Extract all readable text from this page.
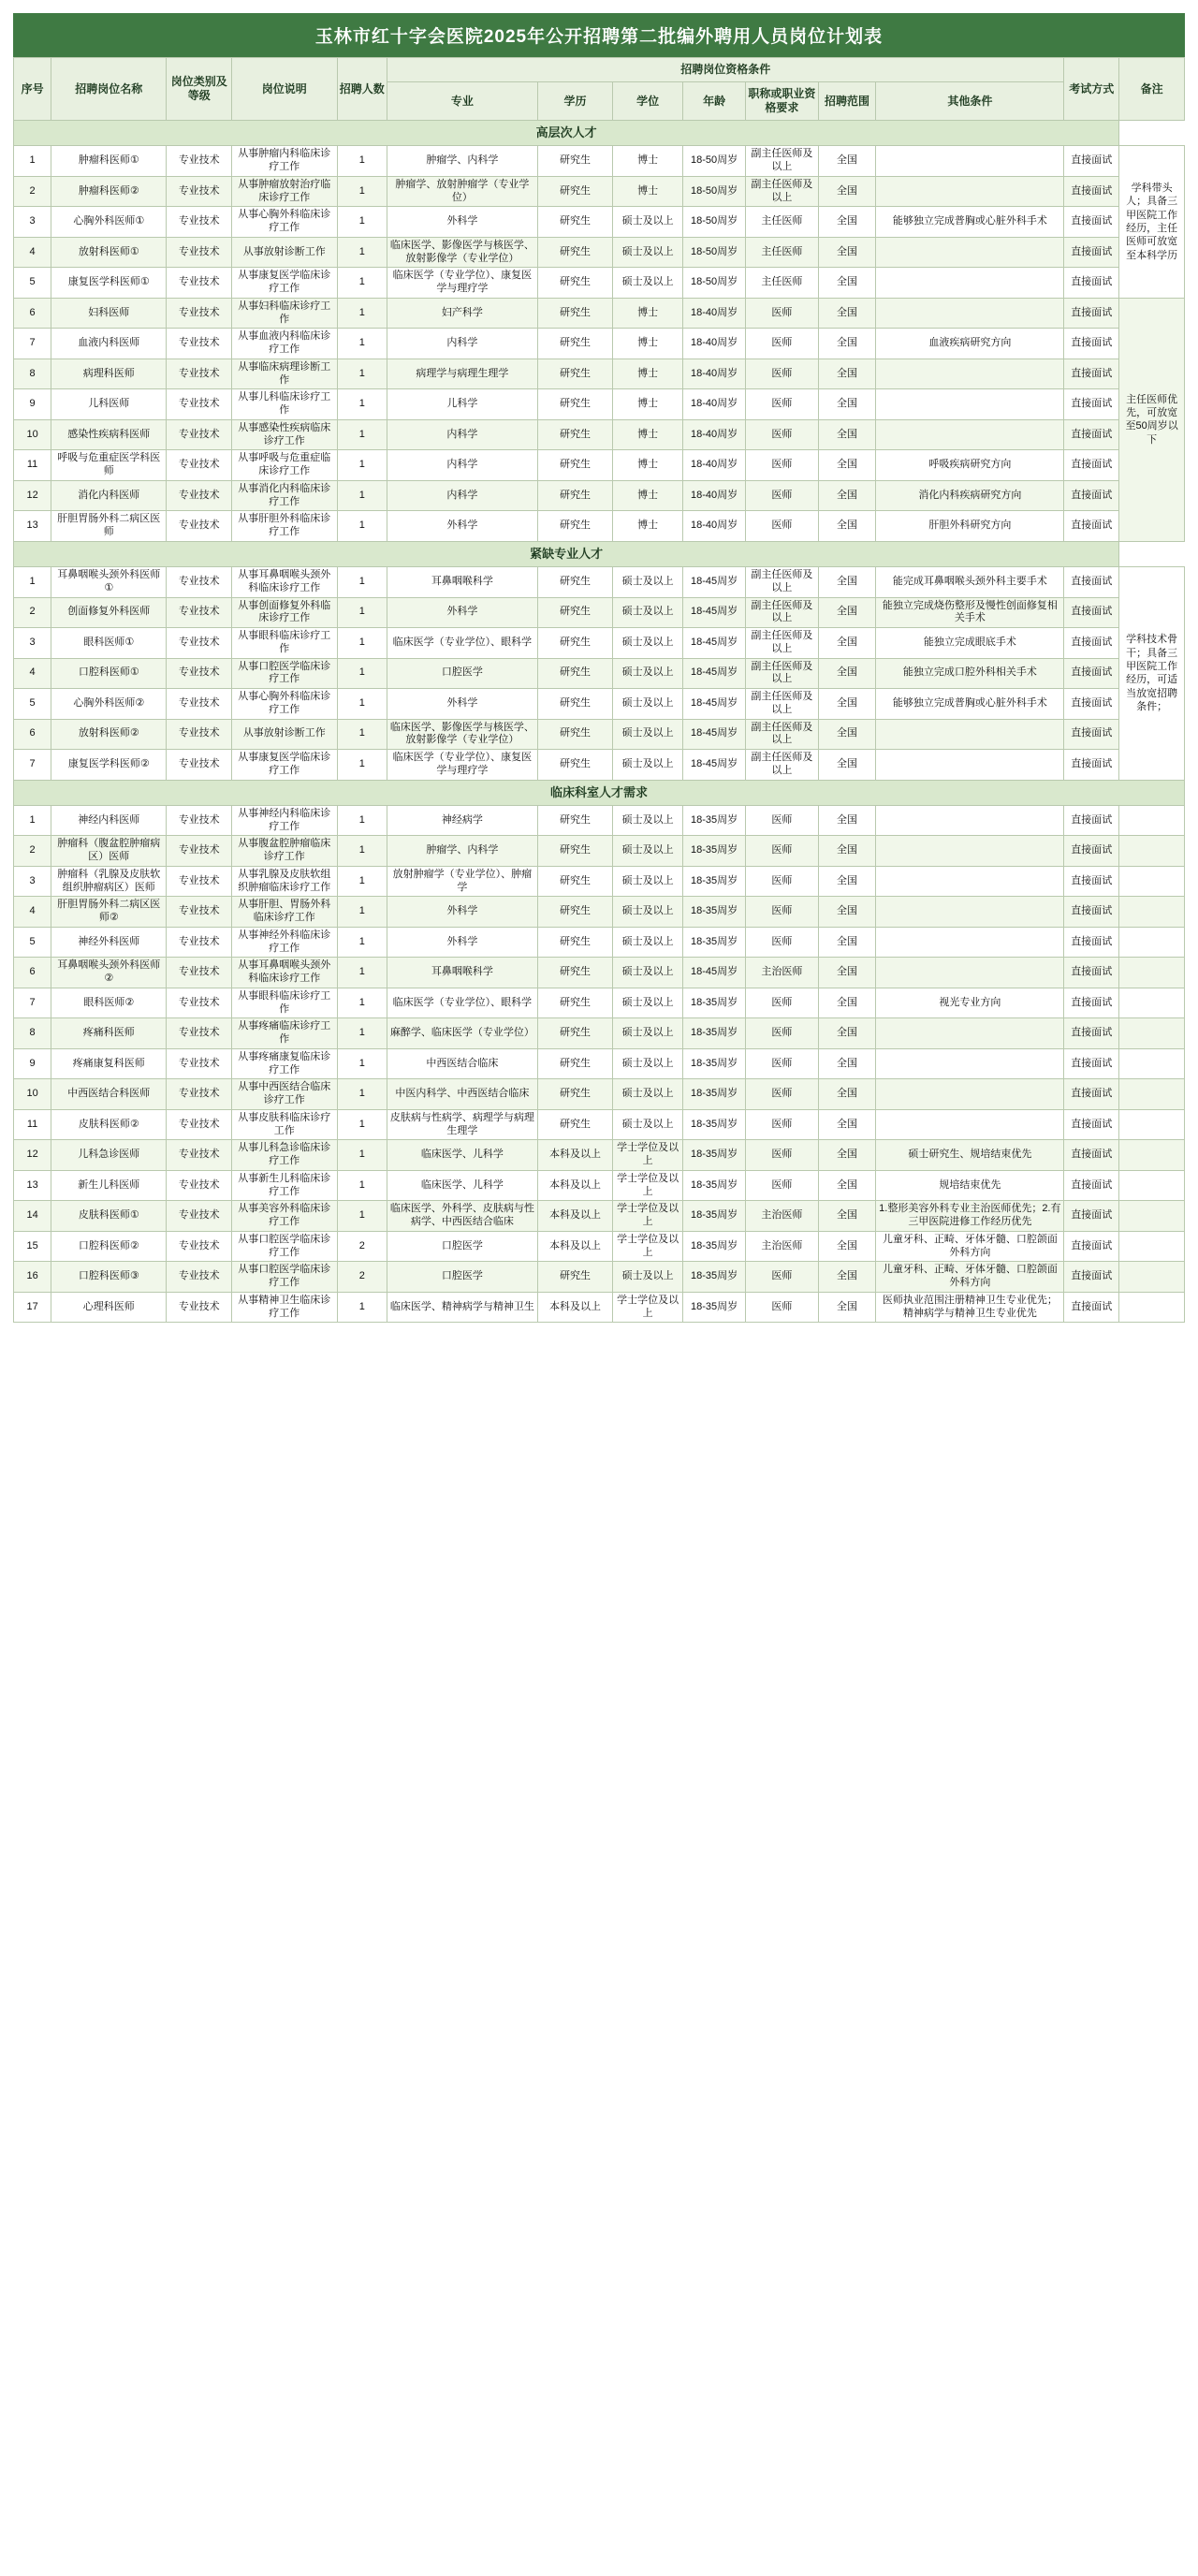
玉林市红十字会医院2025年公开招聘第二批编外聘用人员岗位计划表
序号	招聘岗位名称	岗位类别及等级	岗位说明	招聘人数	招聘岗位资格条件							考试方式	备注
					专业	学历	学位	年龄	职称或职业资格要求	招聘范围	其他条件		
高层次人才													
1	肿瘤科医师①	专业技术	从事肿瘤内科临床诊疗工作	1	肿瘤学、内科学	研究生	博士	18-50周岁	副主任医师及以上	全国		直接面试	学科带头人；具备三甲医院工作经历，主任医师可放宽至本科学历
2	肿瘤科医师②	专业技术	从事肿瘤放射治疗临床诊疗工作	1	肿瘤学、放射肿瘤学（专业学位）	研究生	博士	18-50周岁	副主任医师及以上	全国		直接面试	
3	心胸外科医师①	专业技术	从事心胸外科临床诊疗工作	1	外科学	研究生	硕士及以上	18-50周岁	主任医师	全国	能够独立完成普胸或心脏外科手术	直接面试	
4	放射科医师①	专业技术	从事放射诊断工作	1	临床医学、影像医学与核医学、放射影像学（专业学位）	研究生	硕士及以上	18-50周岁	主任医师	全国		直接面试	
5	康复医学科医师①	专业技术	从事康复医学临床诊疗工作	1	临床医学（专业学位）、康复医学与理疗学	研究生	硕士及以上	18-50周岁	主任医师	全国		直接面试	
6	妇科医师	专业技术	从事妇科临床诊疗工作	1	妇产科学	研究生	博士	18-40周岁	医师	全国		直接面试	主任医师优先，可放宽至50周岁以下
7	血液内科医师	专业技术	从事血液内科临床诊疗工作	1	内科学	研究生	博士	18-40周岁	医师	全国	血液疾病研究方向	直接面试	
8	病理科医师	专业技术	从事临床病理诊断工作	1	病理学与病理生理学	研究生	博士	18-40周岁	医师	全国		直接面试	
9	儿科医师	专业技术	从事儿科临床诊疗工作	1	儿科学	研究生	博士	18-40周岁	医师	全国		直接面试	
10	感染性疾病科医师	专业技术	从事感染性疾病临床诊疗工作	1	内科学	研究生	博士	18-40周岁	医师	全国		直接面试	
11	呼吸与危重症医学科医师	专业技术	从事呼吸与危重症临床诊疗工作	1	内科学	研究生	博士	18-40周岁	医师	全国	呼吸疾病研究方向	直接面试	
12	消化内科医师	专业技术	从事消化内科临床诊疗工作	1	内科学	研究生	博士	18-40周岁	医师	全国	消化内科疾病研究方向	直接面试	
13	肝胆胃肠外科二病区医师	专业技术	从事肝胆外科临床诊疗工作	1	外科学	研究生	博士	18-40周岁	医师	全国	肝胆外科研究方向	直接面试	
紧缺专业人才													
1	耳鼻咽喉头颈外科医师①	专业技术	从事耳鼻咽喉头颈外科临床诊疗工作	1	耳鼻咽喉科学	研究生	硕士及以上	18-45周岁	副主任医师及以上	全国	能完成耳鼻咽喉头颈外科主要手术	直接面试	学科技术骨干；具备三甲医院工作经历，可适当放宽招聘条件；
2	创面修复外科医师	专业技术	从事创面修复外科临床诊疗工作	1	外科学	研究生	硕士及以上	18-45周岁	副主任医师及以上	全国	能独立完成烧伤整形及慢性创面修复相关手术	直接面试	
3	眼科医师①	专业技术	从事眼科临床诊疗工作	1	临床医学（专业学位）、眼科学	研究生	硕士及以上	18-45周岁	副主任医师及以上	全国	能独立完成眼底手术	直接面试	
4	口腔科医师①	专业技术	从事口腔医学临床诊疗工作	1	口腔医学	研究生	硕士及以上	18-45周岁	副主任医师及以上	全国	能独立完成口腔外科相关手术	直接面试	
5	心胸外科医师②	专业技术	从事心胸外科临床诊疗工作	1	外科学	研究生	硕士及以上	18-45周岁	副主任医师及以上	全国	能够独立完成普胸或心脏外科手术	直接面试	
6	放射科医师②	专业技术	从事放射诊断工作	1	临床医学、影像医学与核医学、放射影像学（专业学位）	研究生	硕士及以上	18-45周岁	副主任医师及以上	全国		直接面试	
7	康复医学科医师②	专业技术	从事康复医学临床诊疗工作	1	临床医学（专业学位）、康复医学与理疗学	研究生	硕士及以上	18-45周岁	副主任医师及以上	全国		直接面试	
临床科室人才需求													
1	神经内科医师	专业技术	从事神经内科临床诊疗工作	1	神经病学	研究生	硕士及以上	18-35周岁	医师	全国		直接面试	
2	肿瘤科（腹盆腔肿瘤病区）医师	专业技术	从事腹盆腔肿瘤临床诊疗工作	1	肿瘤学、内科学	研究生	硕士及以上	18-35周岁	医师	全国		直接面试	
3	肿瘤科（乳腺及皮肤软组织肿瘤病区）医师	专业技术	从事乳腺及皮肤软组织肿瘤临床诊疗工作	1	放射肿瘤学（专业学位）、肿瘤学	研究生	硕士及以上	18-35周岁	医师	全国		直接面试	
4	肝胆胃肠外科二病区医师②	专业技术	从事肝胆、胃肠外科临床诊疗工作	1	外科学	研究生	硕士及以上	18-35周岁	医师	全国		直接面试	
5	神经外科医师	专业技术	从事神经外科临床诊疗工作	1	外科学	研究生	硕士及以上	18-35周岁	医师	全国		直接面试	
6	耳鼻咽喉头颈外科医师②	专业技术	从事耳鼻咽喉头颈外科临床诊疗工作	1	耳鼻咽喉科学	研究生	硕士及以上	18-45周岁	主治医师	全国		直接面试	
7	眼科医师②	专业技术	从事眼科临床诊疗工作	1	临床医学（专业学位）、眼科学	研究生	硕士及以上	18-35周岁	医师	全国	视光专业方向	直接面试	
8	疼痛科医师	专业技术	从事疼痛临床诊疗工作	1	麻醉学、临床医学（专业学位）	研究生	硕士及以上	18-35周岁	医师	全国		直接面试	
9	疼痛康复科医师	专业技术	从事疼痛康复临床诊疗工作	1	中西医结合临床	研究生	硕士及以上	18-35周岁	医师	全国		直接面试	
10	中西医结合科医师	专业技术	从事中西医结合临床诊疗工作	1	中医内科学、中西医结合临床	研究生	硕士及以上	18-35周岁	医师	全国		直接面试	
11	皮肤科医师②	专业技术	从事皮肤科临床诊疗工作	1	皮肤病与性病学、病理学与病理生理学	研究生	硕士及以上	18-35周岁	医师	全国		直接面试	
12	儿科急诊医师	专业技术	从事儿科急诊临床诊疗工作	1	临床医学、儿科学	本科及以上	学士学位及以上	18-35周岁	医师	全国	硕士研究生、规培结束优先	直接面试	
13	新生儿科医师	专业技术	从事新生儿科临床诊疗工作	1	临床医学、儿科学	本科及以上	学士学位及以上	18-35周岁	医师	全国	规培结束优先	直接面试	
14	皮肤科医师①	专业技术	从事美容外科临床诊疗工作	1	临床医学、外科学、皮肤病与性病学、中西医结合临床	本科及以上	学士学位及以上	18-35周岁	主治医师	全国	1.整形美容外科专业主治医师优先；2.有三甲医院进修工作经历优先	直接面试	
15	口腔科医师②	专业技术	从事口腔医学临床诊疗工作	2	口腔医学	本科及以上	学士学位及以上	18-35周岁	主治医师	全国	儿童牙科、正畸、牙体牙髓、口腔颌面外科方向	直接面试	
16	口腔科医师③	专业技术	从事口腔医学临床诊疗工作	2	口腔医学	研究生	硕士及以上	18-35周岁	医师	全国	儿童牙科、正畸、牙体牙髓、口腔颌面外科方向	直接面试	
17	心理科医师	专业技术	从事精神卫生临床诊疗工作	1	临床医学、精神病学与精神卫生	本科及以上	学士学位及以上	18-35周岁	医师	全国	医师执业范围注册精神卫生专业优先；精神病学与精神卫生专业优先	直接面试	
